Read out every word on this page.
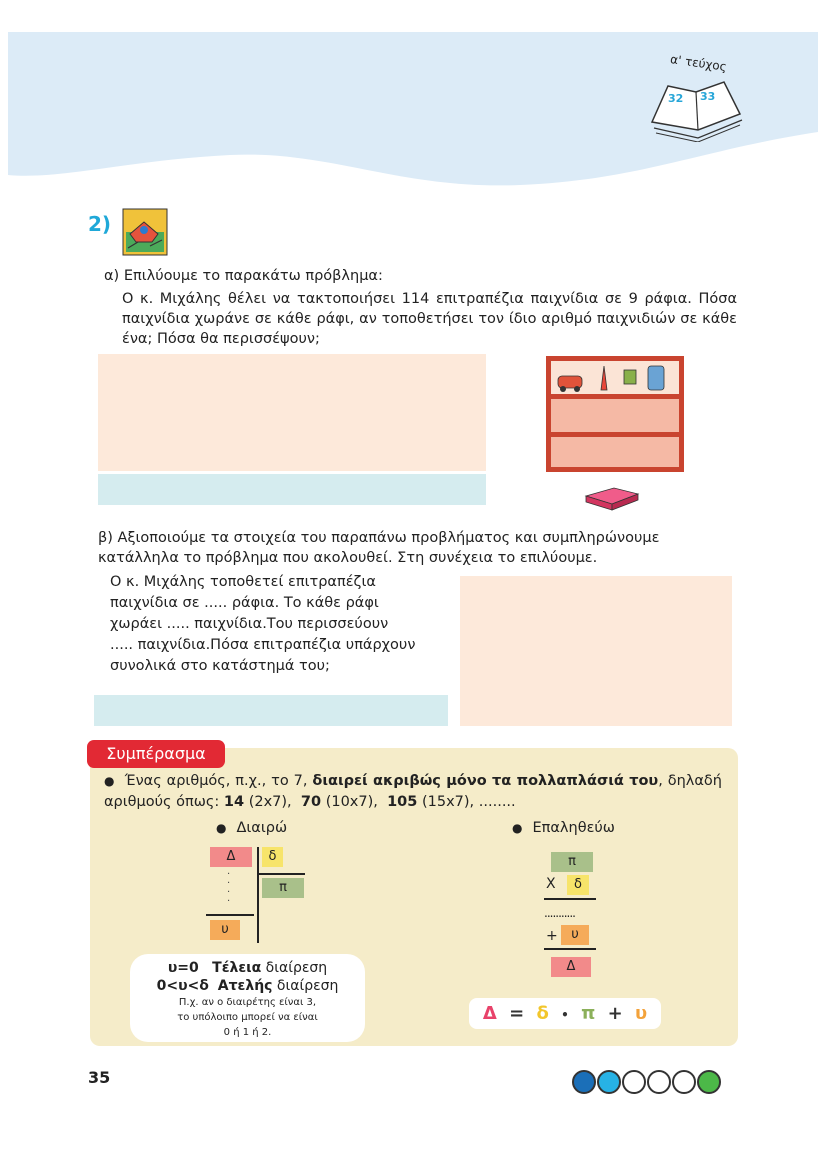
α' τεύχος
32 33
2)
α) Επιλύουμε το παρακάτω πρόβλημα:
Ο κ. Μιχάλης θέλει να τακτοποιήσει 114 επιτραπέζια παιχνίδια σε 9 ράφια. Πόσα παιχνίδια χωράνε σε κάθε ράφι, αν τοποθετήσει τον ίδιο αριθμό παιχνιδιών σε κάθε ένα; Πόσα θα περισσέψουν;
β) Αξιοποιούμε τα στοιχεία του παραπάνω προβλήματος και συμπληρώνουμε κατάλληλα το πρόβλημα που ακολουθεί. Στη συνέχεια το επιλύουμε.
Ο κ. Μιχάλης τοποθετεί επιτραπέζια
παιχνίδια σε ..... ράφια. Το κάθε ράφι
χωράει ..... παιχνίδια.Του περισσεύουν
..... παιχνίδια.Πόσα επιτραπέζια υπάρχουν
συνολικά στο κατάστημά του;
Συμπέρασμα
● Ένας αριθμός, π.χ., το 7, διαιρεί ακριβώς μόνο τα πολλαπλάσιά του, δηλαδή αριθμούς όπως: 14 (2x7), 70 (10x7), 105 (15x7), ........
● Διαιρώ	● Επαληθεύω
Δ	δ
π
·
·
·
·
υ
π
Χ	δ
...........
+	υ
Δ
υ=0 Τέλεια διαίρεση
0<υ<δ Ατελής διαίρεση
Π.χ. αν ο διαιρέτης είναι 3,
το υπόλοιπο μπορεί να είναι
0 ή 1 ή 2.
Δ = δ • π + υ
35
